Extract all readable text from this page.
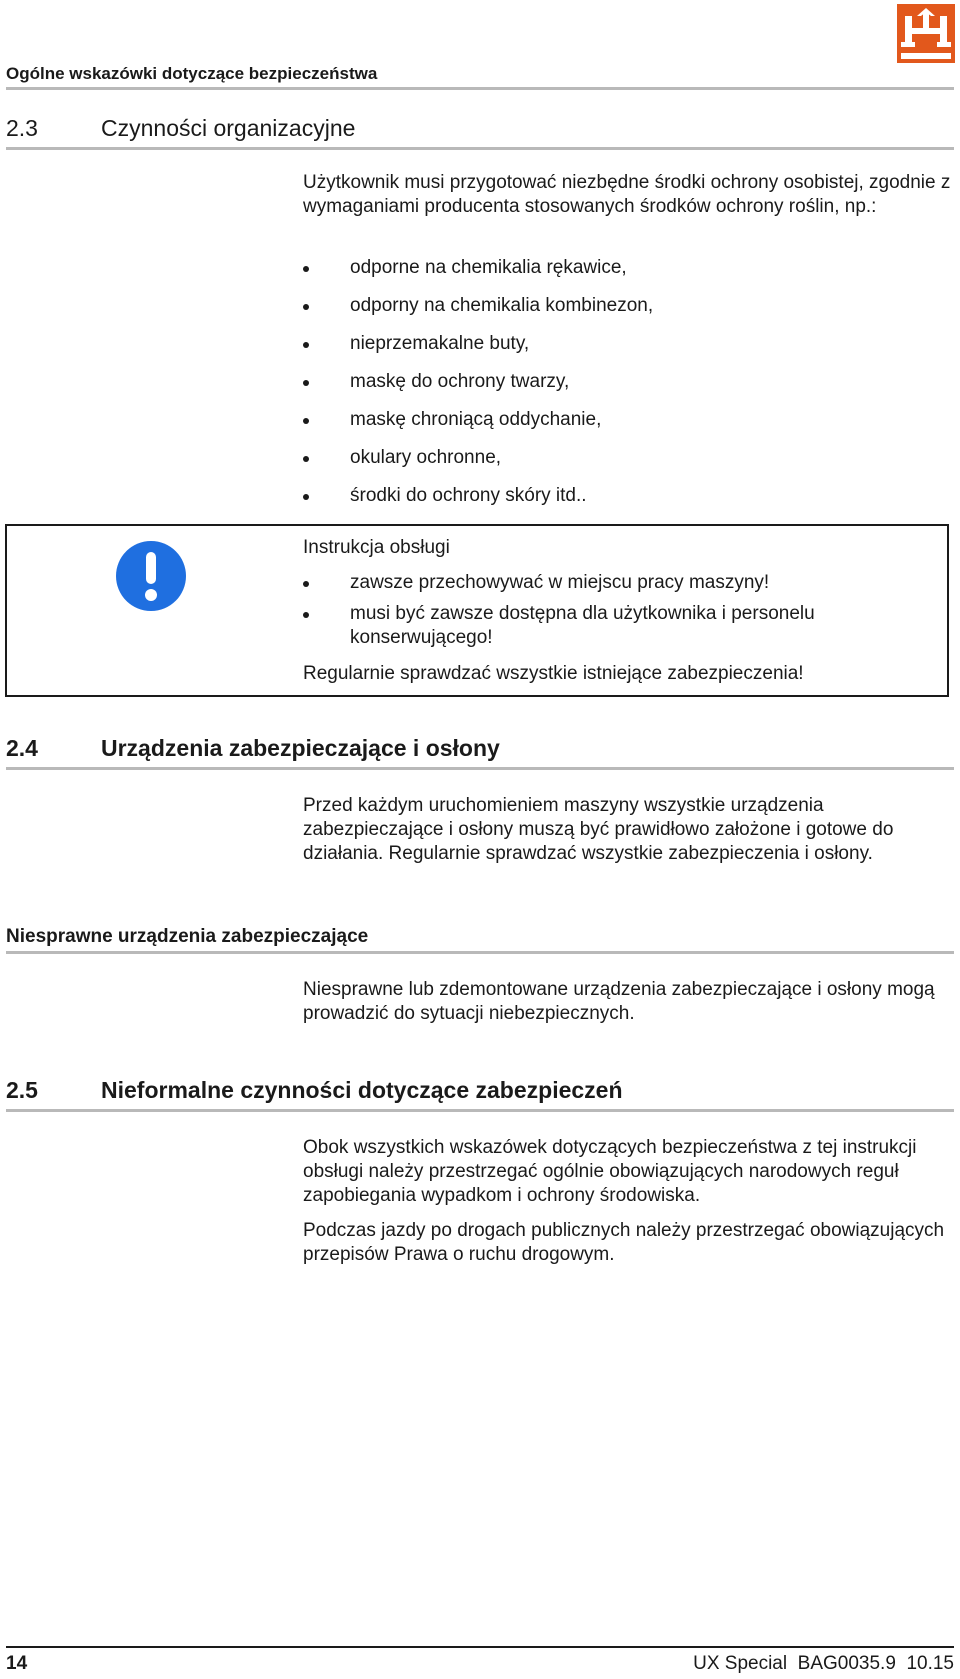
Ogólne wskazówki dotyczące bezpieczeństwa
2.3	Czynności organizacyjne

Użytkownik musi przygotować niezbędne środki ochrony osobistej, zgodnie z wymaganiami producenta stosowanych środków ochrony roślin, np.:

odporne na chemikalia rękawice,
odporny na chemikalia kombinezon,
nieprzemakalne buty,
maskę do ochrony twarzy,
maskę chroniącą oddychanie,
okulary ochronne,
środki do ochrony skóry itd..
Instrukcja obsługi
zawsze przechowywać w miejscu pracy maszyny!
musi być zawsze dostępna dla użytkownika i personelu konserwującego!
Regularnie sprawdzać wszystkie istniejące zabezpieczenia!
2.4	Urządzenia zabezpieczające i osłony

Przed każdym uruchomieniem maszyny wszystkie urządzenia zabezpieczające i osłony muszą być prawidłowo założone i gotowe do działania. Regularnie sprawdzać wszystkie zabezpieczenia i osłony.

Niesprawne urządzenia zabezpieczające

Niesprawne lub zdemontowane urządzenia zabezpieczające i osłony mogą prowadzić do sytuacji niebezpiecznych.

2.5	Nieformalne czynności dotyczące zabezpieczeń

Obok wszystkich wskazówek dotyczących bezpieczeństwa z tej instrukcji obsługi należy przestrzegać ogólnie obowiązujących narodowych reguł zapobiegania wypadkom i ochrony środowiska.

Podczas jazdy po drogach publicznych należy przestrzegać obowiązujących przepisów Prawa o ruchu drogowym.

14	UX Special  BAG0035.9  10.15
